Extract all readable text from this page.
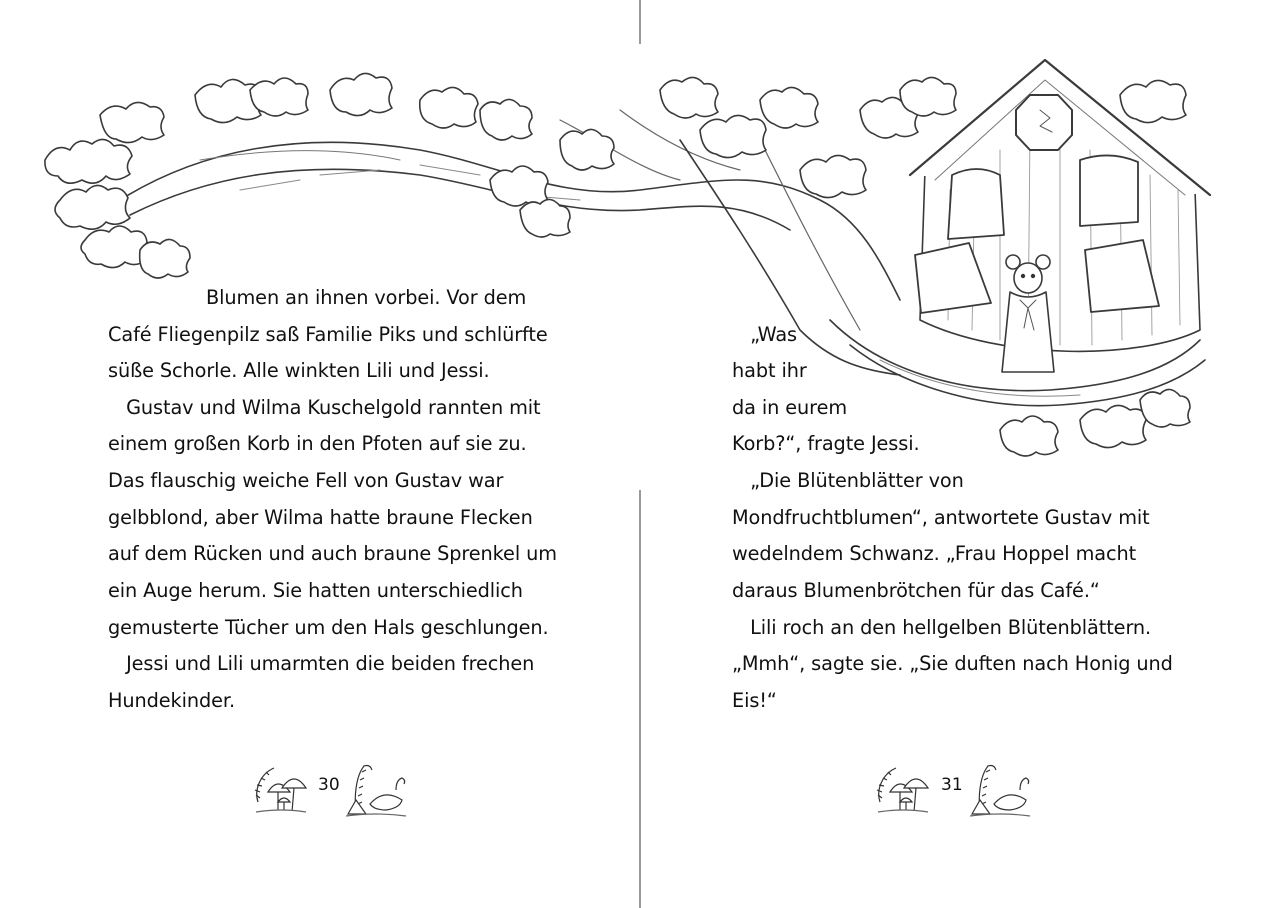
Blumen an ihnen vorbei. Vor dem
Café Fliegenpilz saß Familie Piks und schlürfte
süße Schorle. Alle winkten Lili und Jessi.
Gustav und Wilma Kuschelgold rannten mit
einem großen Korb in den Pfoten auf sie zu.
Das flauschig weiche Fell von Gustav war
gelbblond, aber Wilma hatte braune Flecken
auf dem Rücken und auch braune Sprenkel um
ein Auge herum. Sie hatten unterschiedlich
gemusterte Tücher um den Hals geschlungen.
Jessi und Lili umarmten die beiden frechen
Hundekinder.
30
„Was
habt ihr
da in eurem
Korb?“, fragte Jessi.
„Die Blütenblätter von
Mondfruchtblumen“, antwortete Gustav mit
wedelndem Schwanz. „Frau Hoppel macht
daraus Blumenbrötchen für das Café.“
Lili roch an den hellgelben Blütenblättern.
„Mmh“, sagte sie. „Sie duften nach Honig und
Eis!“
31
